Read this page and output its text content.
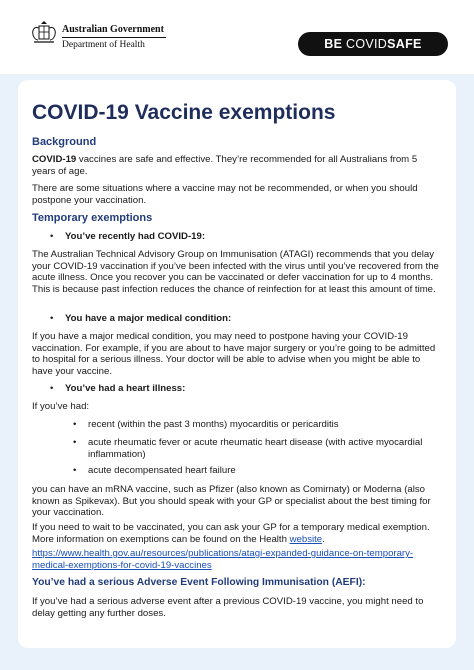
Australian Government
Department of Health	BE COVIDSAFE
COVID-19 Vaccine exemptions
Background
COVID-19 vaccines are safe and effective. They’re recommended for all Australians from 5 years of age.
There are some situations where a vaccine may not be recommended, or when you should postpone your vaccination.
Temporary exemptions
• You’ve recently had COVID-19:
The Australian Technical Advisory Group on Immunisation (ATAGI) recommends that you delay your COVID-19 vaccination if you’ve been infected with the virus until you’ve recovered from the acute illness. Once you recover you can be vaccinated or defer vaccination for up to 4 months. This is because past infection reduces the chance of reinfection for at least this amount of time.
• You have a major medical condition:
If you have a major medical condition, you may need to postpone having your COVID-19 vaccination. For example, if you are about to have major surgery or you’re going to be admitted to hospital for a serious illness. Your doctor will be able to advise when you might be able to have your vaccine.
• You’ve had a heart illness:
If you’ve had:
• recent (within the past 3 months) myocarditis or pericarditis
• acute rheumatic fever or acute rheumatic heart disease (with active myocardial inflammation)
• acute decompensated heart failure
you can have an mRNA vaccine, such as Pfizer (also known as Comirnaty) or Moderna (also known as Spikevax). But you should speak with your GP or specialist about the best timing for your vaccination.
If you need to wait to be vaccinated, you can ask your GP for a temporary medical exemption. More information on exemptions can be found on the Health website.
https://www.health.gov.au/resources/publications/atagi-expanded-guidance-on-temporary-medical-exemptions-for-covid-19-vaccines
You’ve had a serious Adverse Event Following Immunisation (AEFI):
If you’ve had a serious adverse event after a previous COVID-19 vaccine, you might need to delay getting any further doses.
